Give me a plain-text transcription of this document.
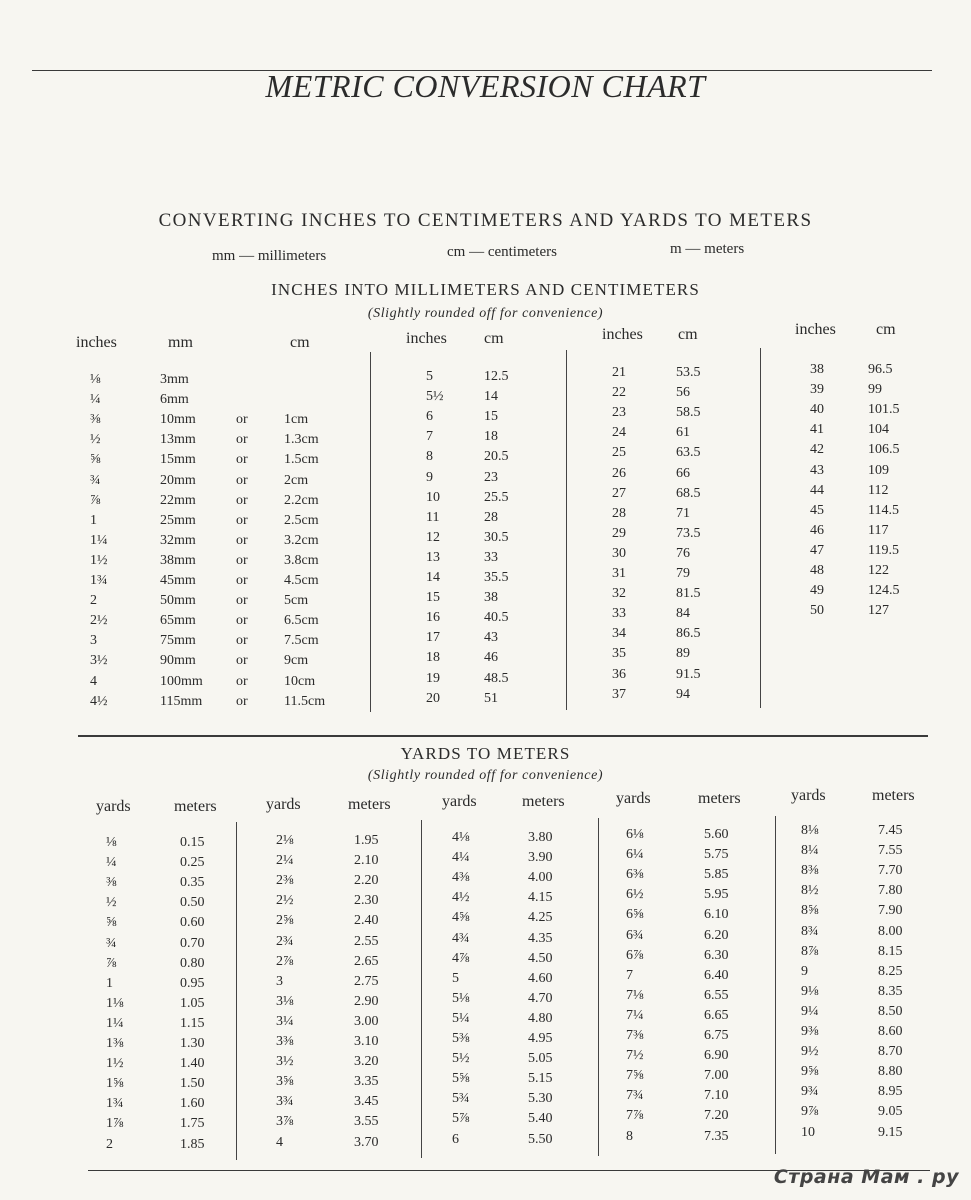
METRIC CONVERSION CHART
CONVERTING INCHES TO CENTIMETERS AND YARDS TO METERS
mm — millimeters	cm — centimeters	m — meters
INCHES INTO MILLIMETERS AND CENTIMETERS
(Slightly rounded off for convenience)
inches	mm	cm	inches cm	inches cm	inches	cm
⅛	3mm
¼	6mm
⅜	10mm	or	1cm
½	13mm	or	1.3cm
⅝	15mm	or	1.5cm
¾	20mm	or	2cm
⅞	22mm	or	2.2cm
1	25mm	or	2.5cm
1¼	32mm	or	3.2cm
1½	38mm	or	3.8cm
1¾	45mm	or	4.5cm
2	50mm	or	5cm
2½	65mm	or	6.5cm
3	75mm	or	7.5cm
3½	90mm	or	9cm
4	100mm or	10cm
4½	115mm or	11.5cm
5	12.5
5½	14
6	15
7	18
8	20.5
9	23
10	25.5
11	28
12	30.5
13	33
14	35.5
15	38
16	40.5
17	43
18	46
19	48.5
20	51
21	53.5
22	56
23	58.5
24	61
25	63.5
26	66
27	68.5
28	71
29	73.5
30	76
31	79
32	81.5
33	84
34	86.5
35	89
36	91.5
37	94
38	96.5
39	99
40	101.5
41	104
42	106.5
43	109
44	112
45	114.5
46	117
47	119.5
48	122
49	124.5
50	127
YARDS TO METERS
(Slightly rounded off for convenience)
yards	meters
⅛	0.15
¼	0.25
⅜	0.35
½	0.50
⅝	0.60
¾	0.70
⅞	0.80
1	0.95
1⅛	1.05
1¼	1.15
1⅜	1.30
1½	1.40
1⅝	1.50
1¾	1.60
1⅞	1.75
2	1.85
yards	meters
2⅛	1.95
2¼	2.10
2⅜	2.20
2½	2.30
2⅝	2.40
2¾	2.55
2⅞	2.65
3	2.75
3⅛	2.90
3¼	3.00
3⅜	3.10
3½	3.20
3⅝	3.35
3¾	3.45
3⅞	3.55
4	3.70
yards	meters
4⅛	3.80
4¼	3.90
4⅜	4.00
4½	4.15
4⅝	4.25
4¾	4.35
4⅞	4.50
5	4.60
5⅛	4.70
5¼	4.80
5⅜	4.95
5½	5.05
5⅝	5.15
5¾	5.30
5⅞	5.40
6	5.50
yards	meters
6⅛	5.60
6¼	5.75
6⅜	5.85
6½	5.95
6⅝	6.10
6¾	6.20
6⅞	6.30
7	6.40
7⅛	6.55
7¼	6.65
7⅜	6.75
7½	6.90
7⅝	7.00
7¾	7.10
7⅞	7.20
8	7.35
yards	meters
8⅛	7.45
8¼	7.55
8⅜	7.70
8½	7.80
8⅝	7.90
8¾	8.00
8⅞	8.15
9	8.25
9⅛	8.35
9¼	8.50
9⅜	8.60
9½	8.70
9⅝	8.80
9¾	8.95
9⅞	9.05
10	9.15
Страна Мам . ру
